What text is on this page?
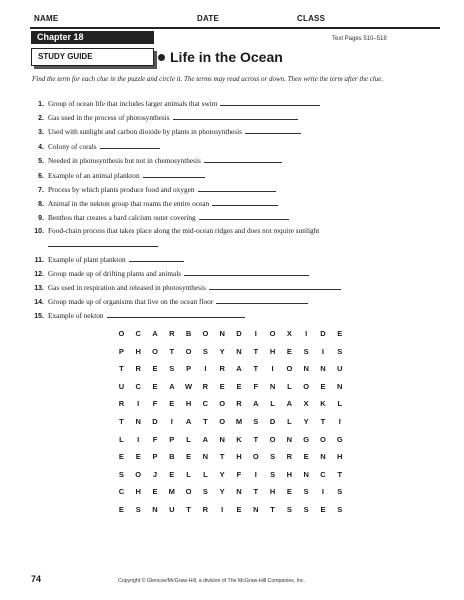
NAME	DATE	CLASS
Chapter 18
STUDY GUIDE
Text Pages 510–518
Life in the Ocean
Find the term for each clue in the puzzle and circle it. The terms may read across or down. Then write the term after the clue.
1. Group of ocean life that includes larger animals that swim
2. Gas used in the process of photosynthesis
3. Used with sunlight and carbon dioxide by plants in photosynthesis
4. Colony of corals
5. Needed in photosynthesis but not in chemosynthesis
6. Example of an animal plankton
7. Process by which plants produce food and oxygen
8. Animal in the nekton group that roams the entire ocean
9. Benthos that creates a hard calcium outer covering
10. Food-chain process that takes place along the mid-ocean ridges and does not require sunlight
11. Example of plant plankton
12. Group made up of drifting plants and animals
13. Gas used in respiration and released in photosynthesis
14. Group made up of organisms that live on the ocean floor
15. Example of nekton
O C A R B O N D I O X I D E
P H O T O S Y N T H E S I S
T R E S P I R A T I O N N U
U C E A W R E E F N L O E N
R I F E H C O R A L A X K L
T N D I A T O M S D L Y T I
L I F P L A N K T O N G O G
E E P B E N T H O S R E N H
S O J E L L Y F I S H N C T
C H E M O S Y N T H E S I S
E S N U T R I E N T S S E S
74	Copyright © Glencoe/McGraw-Hill, a division of The McGraw-Hill Companies, Inc.
